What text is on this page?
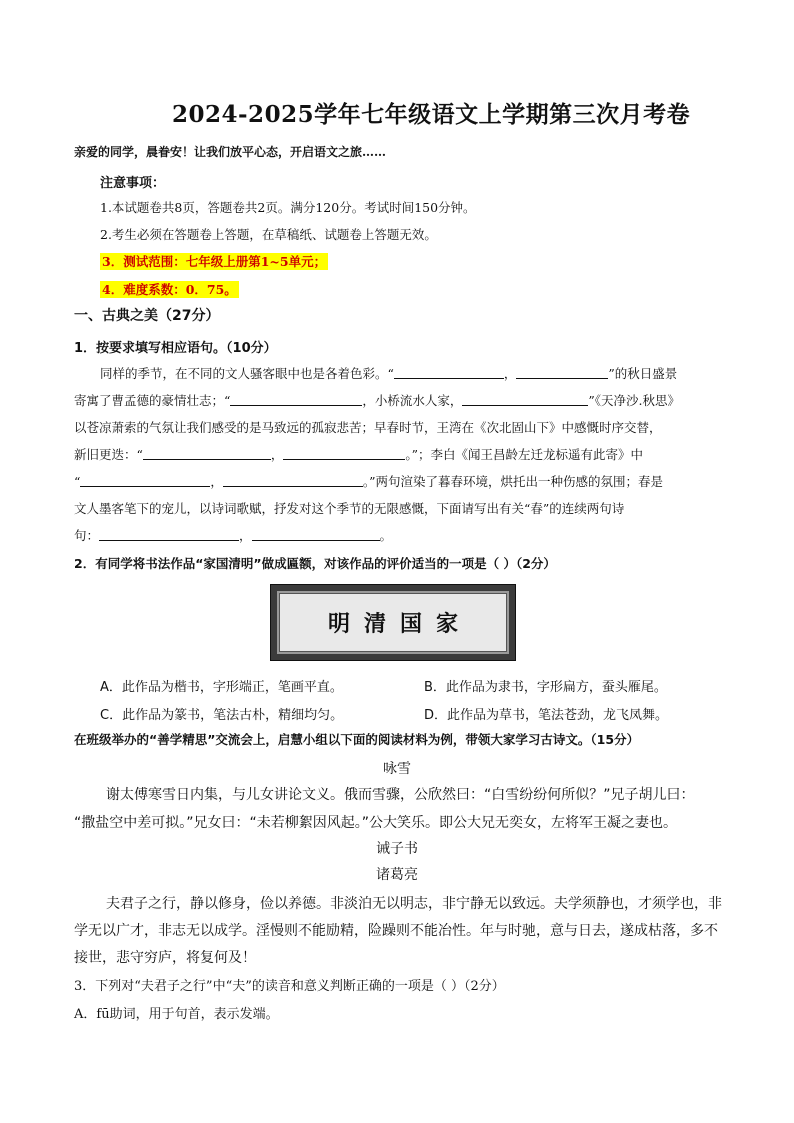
2024-2025学年七年级语文上学期第三次月考卷
亲爱的同学，晨眷安！让我们放平心态，开启语文之旅……
注意事项：
1.本试题卷共8页，答题卷共2页。满分120分。考试时间150分钟。
2.考生必须在答题卷上答题，在草稿纸、试题卷上答题无效。
3．测试范围：七年级上册第1~5单元；
4．难度系数：0．75。
一、古典之美（27分）
1．按要求填写相应语句。（10分）
同样的季节，在不同的文人骚客眼中也是各着色彩。“	，	”的秋日盛景
寄寓了曹孟德的豪情壮志；“	，小桥流水人家，	”《天净沙.秋思》
以苍凉萧索的气氛让我们感受的是马致远的孤寂悲苦；早春时节，王湾在《次北固山下》中感慨时序交替，
新旧更迭：“	，	。”；李白《闻王昌龄左迁龙标遥有此寄》中
“	，	。”两句渲染了暮春环境，烘托出一种伤感的氛围；春是
文人墨客笔下的宠儿，以诗词歌赋，抒发对这个季节的无限感慨，下面请写出有关“春”的连续两句诗
句：	，	。
2．有同学将书法作品“家国清明”做成匾额，对该作品的评价适当的一项是（ ）（2分）
明清国家
A．此作品为楷书，字形端正，笔画平直。	B．此作品为隶书，字形扁方，蚕头雁尾。
C．此作品为篆书，笔法古朴，精细均匀。	D．此作品为草书，笔法苍劲，龙飞凤舞。
在班级举办的“善学精思”交流会上，启慧小组以下面的阅读材料为例，带领大家学习古诗文。（15分）
咏雪
谢太傅寒雪日内集，与儿女讲论文义。俄而雪骤，公欣然曰：“白雪纷纷何所似？”兄子胡儿曰：
“撒盐空中差可拟。”兄女曰：“未若柳絮因风起。”公大笑乐。即公大兄无奕女，左将军王凝之妻也。
诫子书
诸葛亮
夫君子之行，静以修身，俭以养德。非淡泊无以明志，非宁静无以致远。夫学须静也，才须学也，非
学无以广才，非志无以成学。淫慢则不能励精，险躁则不能冶性。年与时驰，意与日去，遂成枯落，多不
接世，悲守穷庐，将复何及！
3．下列对“夫君子之行”中“夫”的读音和意义判断正确的一项是（ ）（2分）
A．fū助词，用于句首，表示发端。
